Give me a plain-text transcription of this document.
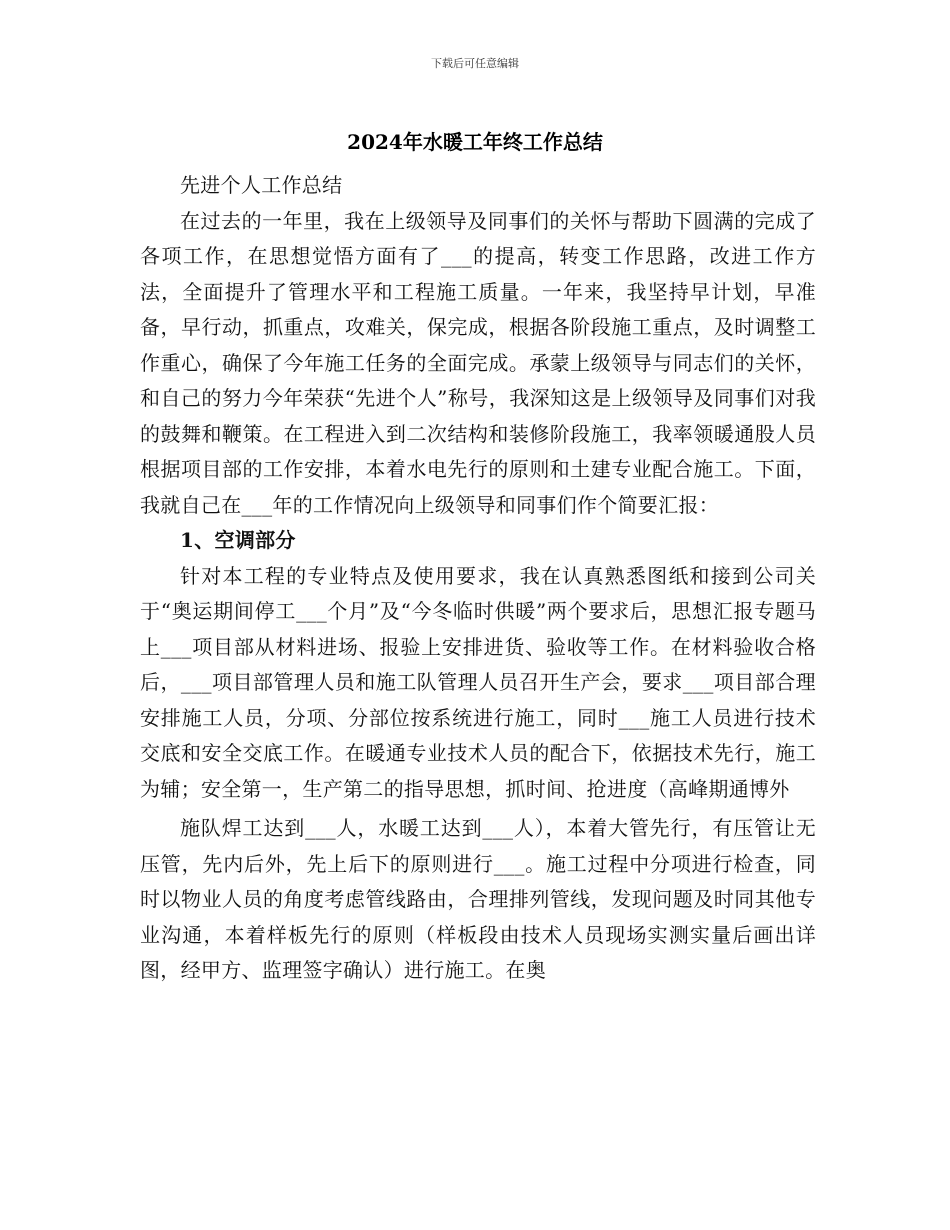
下载后可任意编辑
2024年水暖工年终工作总结

先进个人工作总结

在过去的一年里，我在上级领导及同事们的关怀与帮助下圆满的完成了各项工作，在思想觉悟方面有了___的提高，转变工作思路，改进工作方法，全面提升了管理水平和工程施工质量。一年来，我坚持早计划，早准备，早行动，抓重点，攻难关，保完成，根据各阶段施工重点，及时调整工作重心，确保了今年施工任务的全面完成。承蒙上级领导与同志们的关怀，和自己的努力今年荣获“先进个人”称号，我深知这是上级领导及同事们对我的鼓舞和鞭策。在工程进入到二次结构和装修阶段施工，我率领暖通股人员根据项目部的工作安排，本着水电先行的原则和土建专业配合施工。下面，我就自己在___年的工作情况向上级领导和同事们作个简要汇报：

1、空调部分

针对本工程的专业特点及使用要求，我在认真熟悉图纸和接到公司关于“奥运期间停工___个月”及“今冬临时供暖”两个要求后，思想汇报专题马上___项目部从材料进场、报验上安排进货、验收等工作。在材料验收合格后，___项目部管理人员和施工队管理人员召开生产会，要求___项目部合理安排施工人员，分项、分部位按系统进行施工，同时___施工人员进行技术交底和安全交底工作。在暖通专业技术人员的配合下，依据技术先行，施工为辅；安全第一，生产第二的指导思想，抓时间、抢进度（高峰期通博外

施队焊工达到___人，水暖工达到___人），本着大管先行，有压管让无压管，先内后外，先上后下的原则进行___。施工过程中分项进行检查，同时以物业人员的角度考虑管线路由，合理排列管线，发现问题及时同其他专业沟通，本着样板先行的原则（样板段由技术人员现场实测实量后画出详图，经甲方、监理签字确认）进行施工。在奥
